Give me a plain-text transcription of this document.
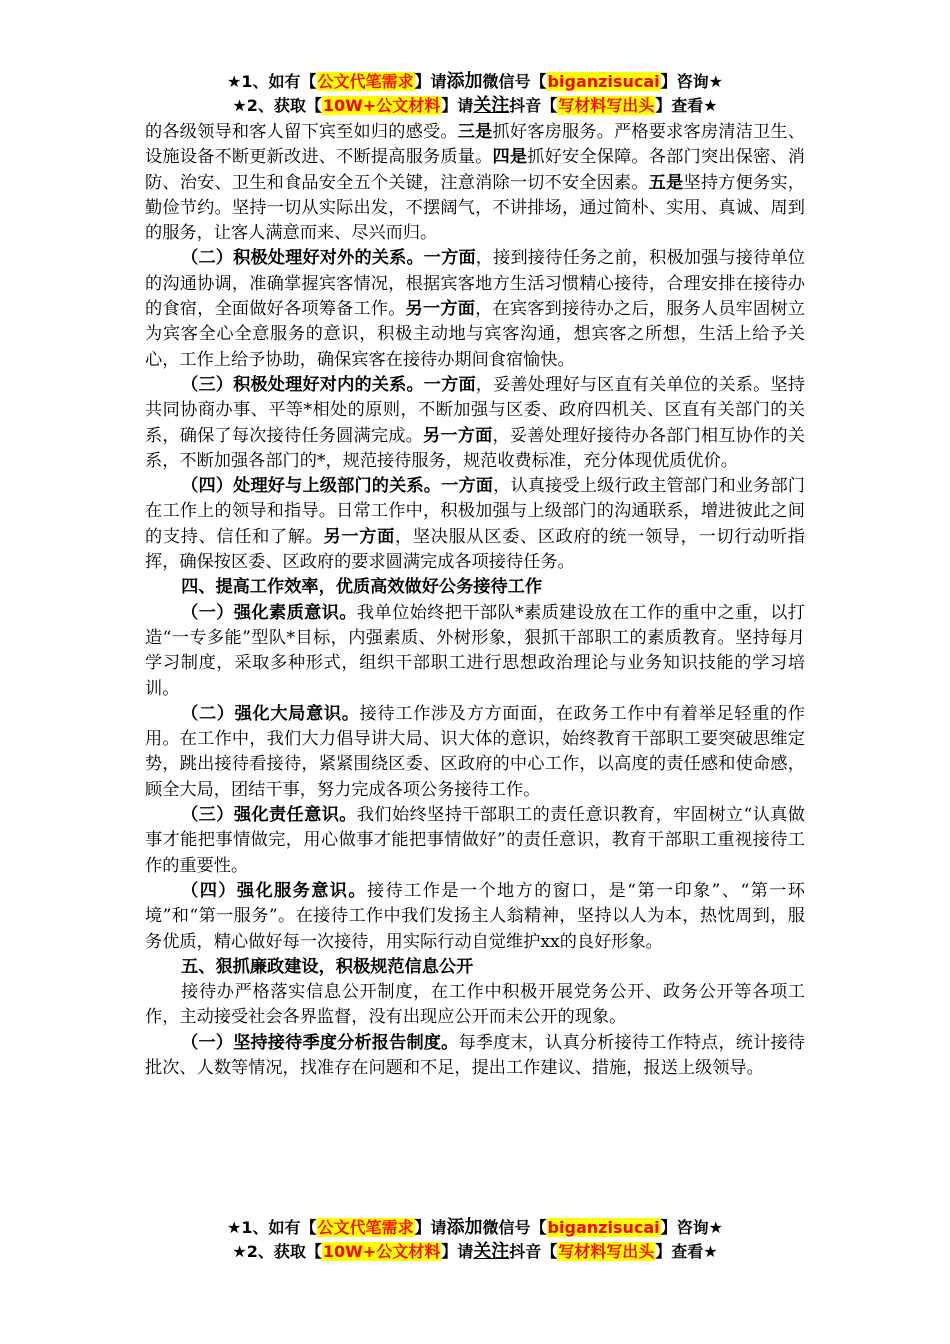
★1、如有【公文代笔需求】请添加微信号【biganzisucai】咨询★
★2、获取【10W+公文材料】请关注抖音【写材料写出头】查看★

的各级领导和客人留下宾至如归的感受。三是抓好客房服务。严格要求客房清洁卫生、设施设备不断更新改进、不断提高服务质量。四是抓好安全保障。各部门突出保密、消防、治安、卫生和食品安全五个关键，注意消除一切不安全因素。五是坚持方便务实，勤俭节约。坚持一切从实际出发，不摆阔气，不讲排场，通过简朴、实用、真诚、周到的服务，让客人满意而来、尽兴而归。

（二）积极处理好对外的关系。一方面，接到接待任务之前，积极加强与接待单位的沟通协调，准确掌握宾客情况，根据宾客地方生活习惯精心接待，合理安排在接待办的食宿，全面做好各项筹备工作。另一方面，在宾客到接待办之后，服务人员牢固树立为宾客全心全意服务的意识，积极主动地与宾客沟通，想宾客之所想，生活上给予关心，工作上给予协助，确保宾客在接待办期间食宿愉快。

（三）积极处理好对内的关系。一方面，妥善处理好与区直有关单位的关系。坚持共同协商办事、平等*相处的原则，不断加强与区委、政府四机关、区直有关部门的关系，确保了每次接待任务圆满完成。另一方面，妥善处理好接待办各部门相互协作的关系，不断加强各部门的*，规范接待服务，规范收费标准，充分体现优质优价。

（四）处理好与上级部门的关系。一方面，认真接受上级行政主管部门和业务部门在工作上的领导和指导。日常工作中，积极加强与上级部门的沟通联系，增进彼此之间的支持、信任和了解。另一方面，坚决服从区委、区政府的统一领导，一切行动听指挥，确保按区委、区政府的要求圆满完成各项接待任务。

四、提高工作效率，优质高效做好公务接待工作

（一）强化素质意识。我单位始终把干部队*素质建设放在工作的重中之重，以打造“一专多能”型队*目标，内强素质、外树形象，狠抓干部职工的素质教育。坚持每月学习制度，采取多种形式，组织干部职工进行思想政治理论与业务知识技能的学习培训。

（二）强化大局意识。接待工作涉及方方面面，在政务工作中有着举足轻重的作用。在工作中，我们大力倡导讲大局、识大体的意识，始终教育干部职工要突破思维定势，跳出接待看接待，紧紧围绕区委、区政府的中心工作，以高度的责任感和使命感，顾全大局，团结干事，努力完成各项公务接待工作。

（三）强化责任意识。我们始终坚持干部职工的责任意识教育，牢固树立“认真做事才能把事情做完，用心做事才能把事情做好”的责任意识，教育干部职工重视接待工作的重要性。

（四）强化服务意识。接待工作是一个地方的窗口，是“第一印象”、“第一环境”和“第一服务”。在接待工作中我们发扬主人翁精神，坚持以人为本，热忱周到，服务优质，精心做好每一次接待，用实际行动自觉维护xx的良好形象。

五、狠抓廉政建设，积极规范信息公开

接待办严格落实信息公开制度，在工作中积极开展党务公开、政务公开等各项工作，主动接受社会各界监督，没有出现应公开而未公开的现象。

（一）坚持接待季度分析报告制度。每季度末，认真分析接待工作特点，统计接待批次、人数等情况，找准存在问题和不足，提出工作建议、措施，报送上级领导。

★1、如有【公文代笔需求】请添加微信号【biganzisucai】咨询★
★2、获取【10W+公文材料】请关注抖音【写材料写出头】查看★
